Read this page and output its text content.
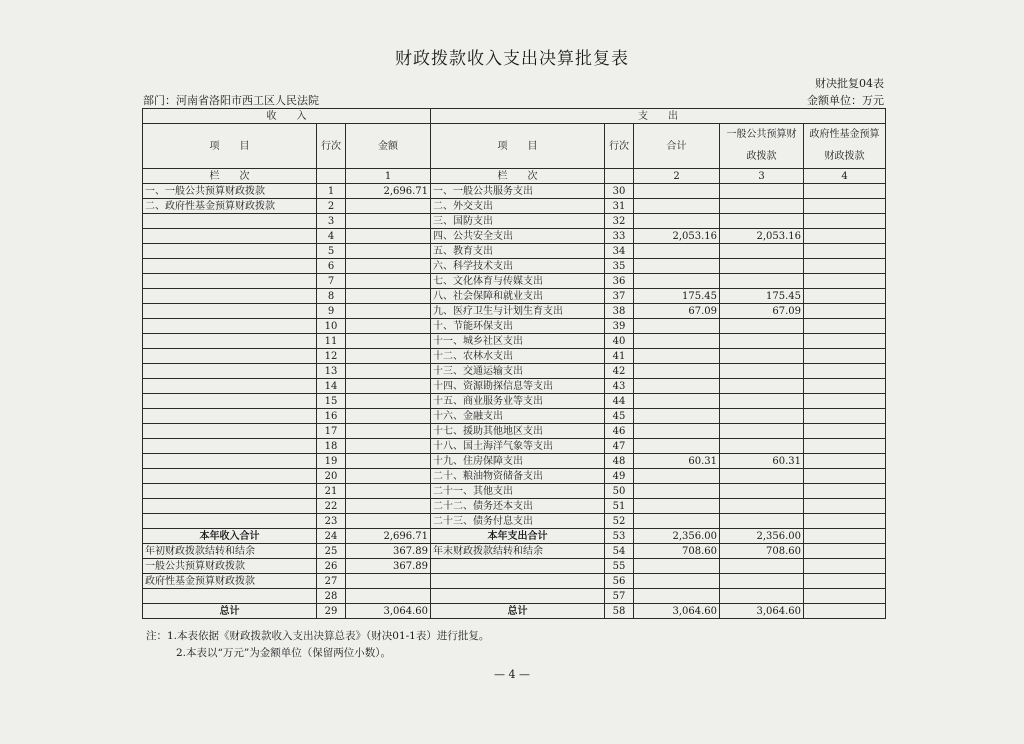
财政拨款收入支出决算批复表
财决批复04表
部门：河南省洛阳市西工区人民法院	金额单位：万元
收　　入			支　　出				
项　　目	行次	金额	项　　目	行次	合计	一般公共预算财政拨款	政府性基金预算财政拨款
栏　　次		1	栏　　次		2	3	4
一、一般公共预算财政拨款	1	2,696.71	一、一般公共服务支出	30			
二、政府性基金预算财政拨款	2		二、外交支出	31			
	3		三、国防支出	32			
	4		四、公共安全支出	33	2,053.16	2,053.16	
	5		五、教育支出	34			
	6		六、科学技术支出	35			
	7		七、文化体育与传媒支出	36			
	8		八、社会保障和就业支出	37	175.45	175.45	
	9		九、医疗卫生与计划生育支出	38	67.09	67.09	
	10		十、节能环保支出	39			
	11		十一、城乡社区支出	40			
	12		十二、农林水支出	41			
	13		十三、交通运输支出	42			
	14		十四、资源勘探信息等支出	43			
	15		十五、商业服务业等支出	44			
	16		十六、金融支出	45			
	17		十七、援助其他地区支出	46			
	18		十八、国土海洋气象等支出	47			
	19		十九、住房保障支出	48	60.31	60.31	
	20		二十、粮油物资储备支出	49			
	21		二十一、其他支出	50			
	22		二十二、债务还本支出	51			
	23		二十三、债务付息支出	52			
本年收入合计	24	2,696.71	本年支出合计	53	2,356.00	2,356.00	
年初财政拨款结转和结余	25	367.89	年末财政拨款结转和结余	54	708.60	708.60	
一般公共预算财政拨款	26	367.89		55			
政府性基金预算财政拨款	27			56			
	28			57			
总计	29	3,064.60	总计	58	3,064.60	3,064.60	
注：1.本表依据《财政拨款收入支出决算总表》（财决01-1表）进行批复。
2.本表以“万元”为金额单位（保留两位小数）。
— 4 —
